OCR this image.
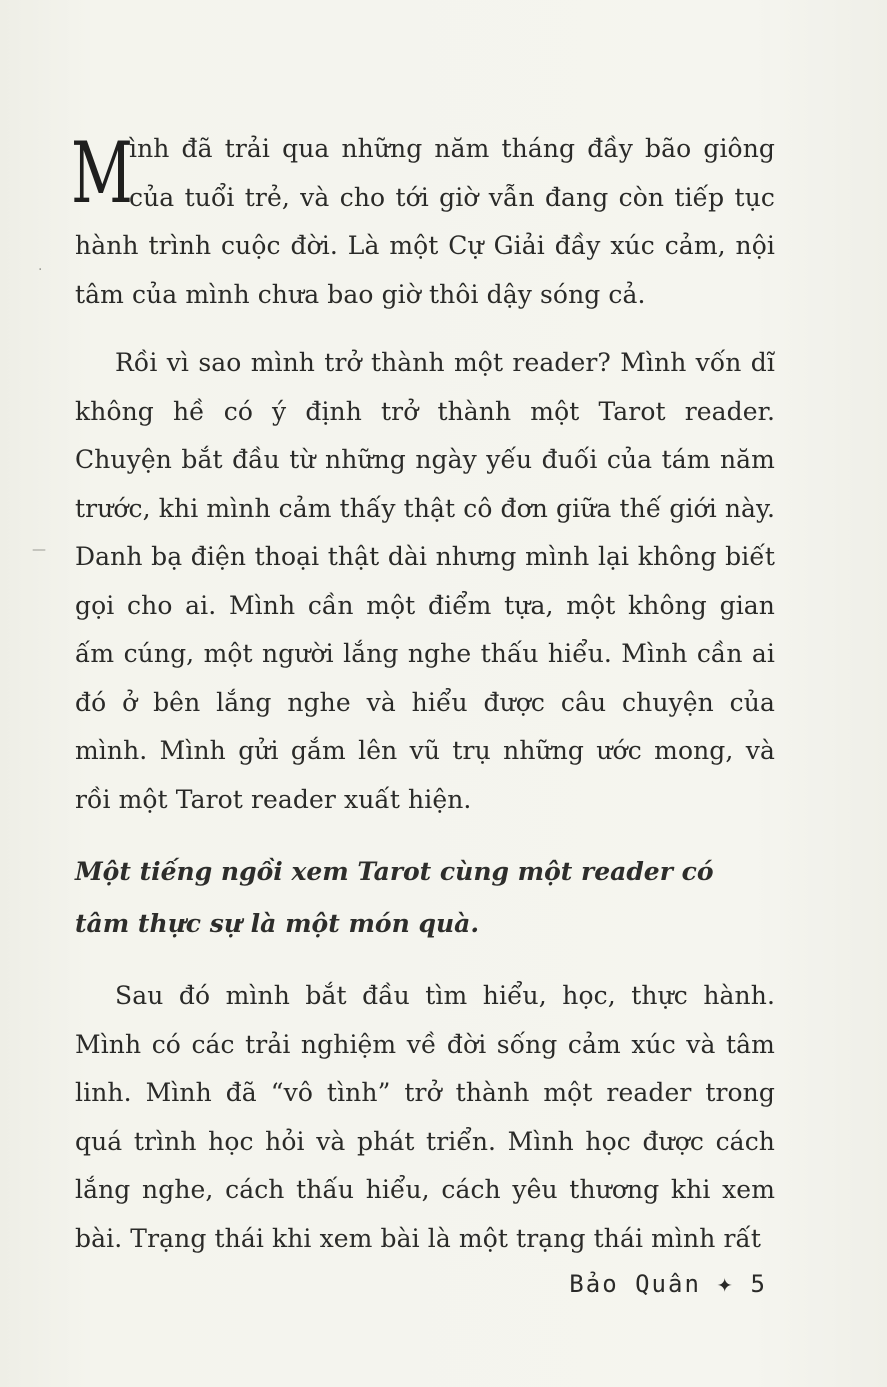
·
—

M
ình đã trải qua những năm tháng đầy bão giông của tuổi trẻ, và cho tới giờ vẫn đang còn tiếp tục hành trình cuộc đời. Là một Cự Giải đầy xúc cảm, nội tâm của mình chưa bao giờ thôi dậy sóng cả.

Rồi vì sao mình trở thành một reader? Mình vốn dĩ không hề có ý định trở thành một Tarot reader. Chuyện bắt đầu từ những ngày yếu đuối của tám năm trước, khi mình cảm thấy thật cô đơn giữa thế giới này. Danh bạ điện thoại thật dài nhưng mình lại không biết gọi cho ai. Mình cần một điểm tựa, một không gian ấm cúng, một người lắng nghe thấu hiểu. Mình cần ai đó ở bên lắng nghe và hiểu được câu chuyện của mình. Mình gửi gắm lên vũ trụ những ước mong, và rồi một Tarot reader xuất hiện.

Một tiếng ngồi xem Tarot cùng một reader có tâm thực sự là một món quà.

Sau đó mình bắt đầu tìm hiểu, học, thực hành. Mình có các trải nghiệm về đời sống cảm xúc và tâm linh. Mình đã “vô tình” trở thành một reader trong quá trình học hỏi và phát triển. Mình học được cách lắng nghe, cách thấu hiểu, cách yêu thương khi xem bài. Trạng thái khi xem bài là một trạng thái mình rất

Bảo Quân ✦ 5
